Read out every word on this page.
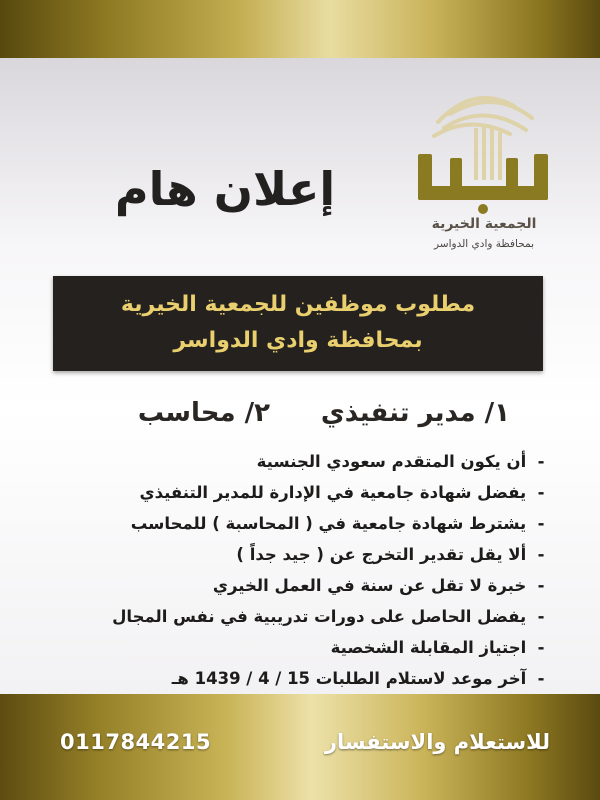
الجمعية الخيرية
بمحافظة وادي الدواسر
إعلان هام
مطلوب موظفين للجمعية الخيرية
بمحافظة وادي الدواسر
١/ مدير تنفيذي
٢/ محاسب
- أن يكون المتقدم سعودي الجنسية
- يفضل شهادة جامعية في الإدارة للمدير التنفيذي
- يشترط شهادة جامعية في ( المحاسبة ) للمحاسب
- ألا يقل تقدير التخرج عن ( جيد جداً )
- خبرة لا تقل عن سنة في العمل الخيري
- يفضل الحاصل على دورات تدريبية في نفس المجال
- اجتياز المقابلة الشخصية
- آخر موعد لاستلام الطلبات 15 / 4 / 1439 هـ
للاستعلام والاستفسار
0117844215
